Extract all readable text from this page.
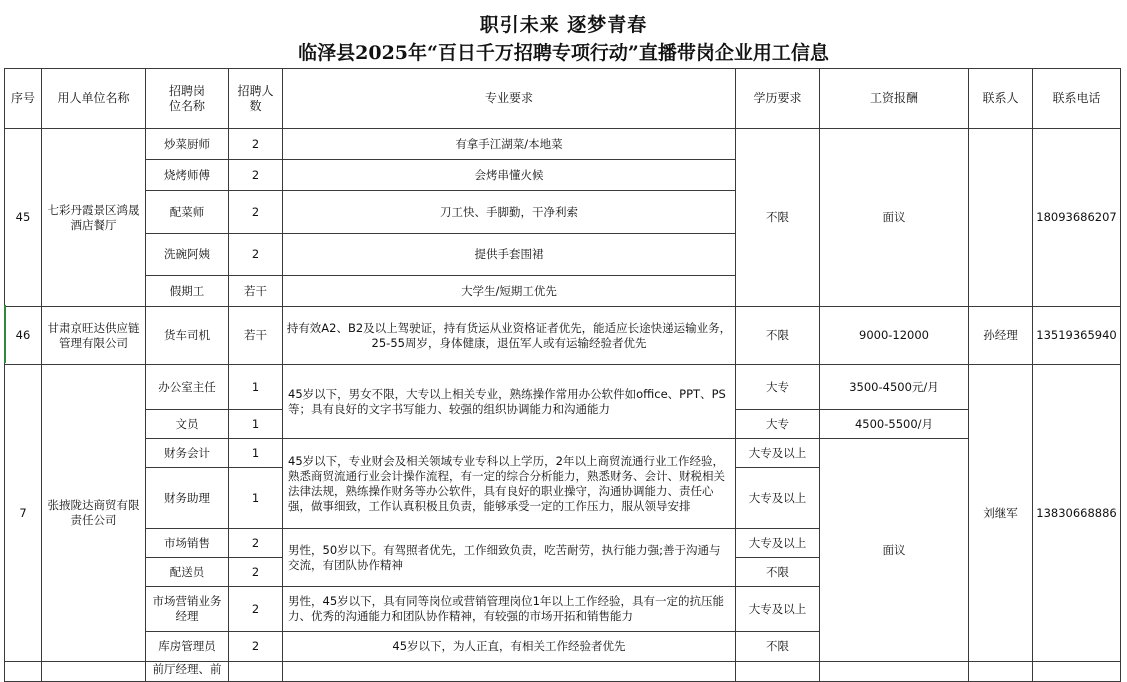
职引未来 逐梦青春
临泽县2025年“百日千万招聘专项行动”直播带岗企业用工信息
序号	用人单位名称	招聘岗位名称	招聘人数	专业要求	学历要求	工资报酬	联系人	联系电话
45	七彩丹霞景区鸿晟酒店餐厅	炒菜厨师	2	有拿手江湖菜/本地菜	不限	面议		18093686207
		烧烤师傅	2	会烤串懂火候				
		配菜师	2	刀工快、手脚勤，干净利索				
		洗碗阿姨	2	提供手套围裙				
		假期工	若干	大学生/短期工优先				
46	甘肃京旺达供应链管理有限公司	货车司机	若干	持有效A2、B2及以上驾驶证，持有货运从业资格证者优先，能适应长途快递运输业务，25-55周岁，身体健康，退伍军人或有运输经验者优先	不限	9000-12000	孙经理	13519365940
7	张掖陇达商贸有限责任公司	办公室主任	1	45岁以下，男女不限，大专以上相关专业，熟练操作常用办公软件如office、PPT、PS等；具有良好的文字书写能力、较强的组织协调能力和沟通能力	大专	3500-4500元/月	刘继军	13830668886
		文员	1		大专	4500-5500/月		
		财务会计	1	45岁以下，专业财会及相关领域专业专科以上学历，2年以上商贸流通行业工作经验，熟悉商贸流通行业会计操作流程，有一定的综合分析能力，熟悉财务、会计、财税相关法律法规，熟练操作财务等办公软件，具有良好的职业操守，沟通协调能力、责任心强，做事细致，工作认真积极且负责，能够承受一定的工作压力，服从领导安排	大专及以上	面议		
		财务助理	1		大专及以上			
		市场销售	2	男性，50岁以下。有驾照者优先，工作细致负责，吃苦耐劳，执行能力强;善于沟通与交流，有团队协作精神	大专及以上			
		配送员	2		不限			
		市场营销业务经理	2	男性，45岁以下，具有同等岗位或营销管理岗位1年以上工作经验，具有一定的抗压能力、优秀的沟通能力和团队协作精神，有较强的市场开拓和销售能力	大专及以上			
		库房管理员	2	45岁以下，为人正直，有相关工作经验者优先	不限			
		前厅经理、前						
